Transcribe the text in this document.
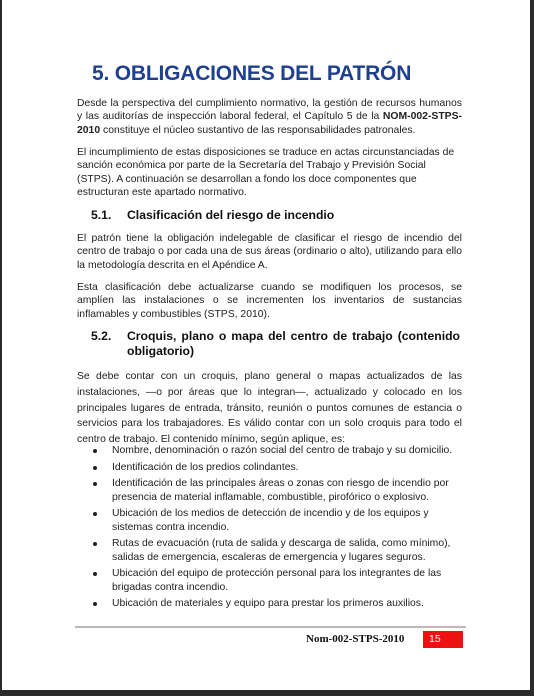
5. OBLIGACIONES DEL PATRÓN

Desde la perspectiva del cumplimiento normativo, la gestión de recursos humanos y las auditorías de inspección laboral federal, el Capítulo 5 de la NOM-002-STPS-2010 constituye el núcleo sustantivo de las responsabilidades patronales.

El incumplimiento de estas disposiciones se traduce en actas circunstanciadas de sanción económica por parte de la Secretaría del Trabajo y Previsión Social (STPS). A continuación se desarrollan a fondo los doce componentes que estructuran este apartado normativo.

5.1. Clasificación del riesgo de incendio

El patrón tiene la obligación indelegable de clasificar el riesgo de incendio del centro de trabajo o por cada una de sus áreas (ordinario o alto), utilizando para ello la metodología descrita en el Apéndice A.

Esta clasificación debe actualizarse cuando se modifiquen los procesos, se amplíen las instalaciones o se incrementen los inventarios de sustancias inflamables y combustibles (STPS, 2010).

5.2. Croquis, plano o mapa del centro de trabajo (contenido obligatorio)

Se debe contar con un croquis, plano general o mapas actualizados de las instalaciones, —o por áreas que lo integran—, actualizado y colocado en los principales lugares de entrada, tránsito, reunión o puntos comunes de estancia o servicios para los trabajadores. Es válido contar con un solo croquis para todo el centro de trabajo. El contenido mínimo, según aplique, es:

Nombre, denominación o razón social del centro de trabajo y su domicilio.
Identificación de los predios colindantes.
Identificación de las principales áreas o zonas con riesgo de incendio por presencia de material inflamable, combustible, pirofórico o explosivo.
Ubicación de los medios de detección de incendio y de los equipos y sistemas contra incendio.
Rutas de evacuación (ruta de salida y descarga de salida, como mínimo), salidas de emergencia, escaleras de emergencia y lugares seguros.
Ubicación del equipo de protección personal para los integrantes de las brigadas contra incendio.
Ubicación de materiales y equipo para prestar los primeros auxilios.
Nom-002-STPS-2010	15
